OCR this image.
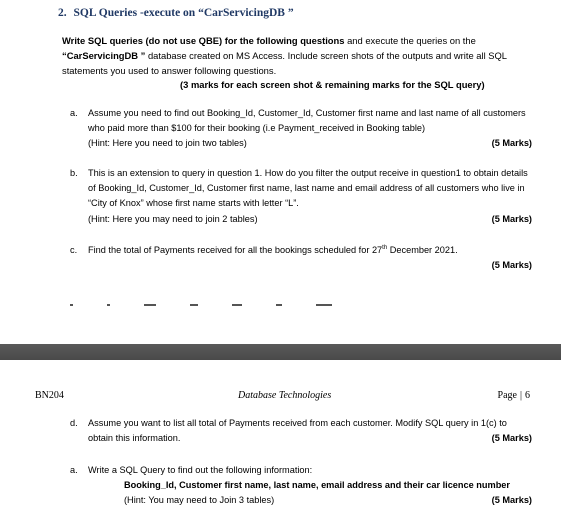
2. SQL Queries -execute on “CarServicingDB ”
Write SQL queries (do not use QBE) for the following questions and execute the queries on the “CarServicingDB ” database created on MS Access. Include screen shots of the outputs and write all SQL statements you used to answer following questions.
(3 marks for each screen shot & remaining marks for the SQL query)
a. Assume you need to find out Booking_Id, Customer_Id, Customer first name and last name of all customers who paid more than $100 for their booking (i.e Payment_received in Booking table)
(Hint: Here you need to join two tables)	(5 Marks)
b. This is an extension to query in question 1. How do you filter the output receive in question1 to obtain details of Booking_Id, Customer_Id, Customer first name, last name and email address of all customers who live in “City of Knox” whose first name starts with letter “L”.
(Hint: Here you may need to join 2 tables)	(5 Marks)
c. Find the total of Payments received for all the bookings scheduled for 27th December 2021.
(5 Marks)
BN204	Database Technologies	Page | 6
d. Assume you want to list all total of Payments received from each customer. Modify SQL query in 1(c) to obtain this information.	(5 Marks)
a. Write a SQL Query to find out the following information:
Booking_Id, Customer first name, last name, email address and their car licence number
(Hint: You may need to Join 3 tables)	(5 Marks)
